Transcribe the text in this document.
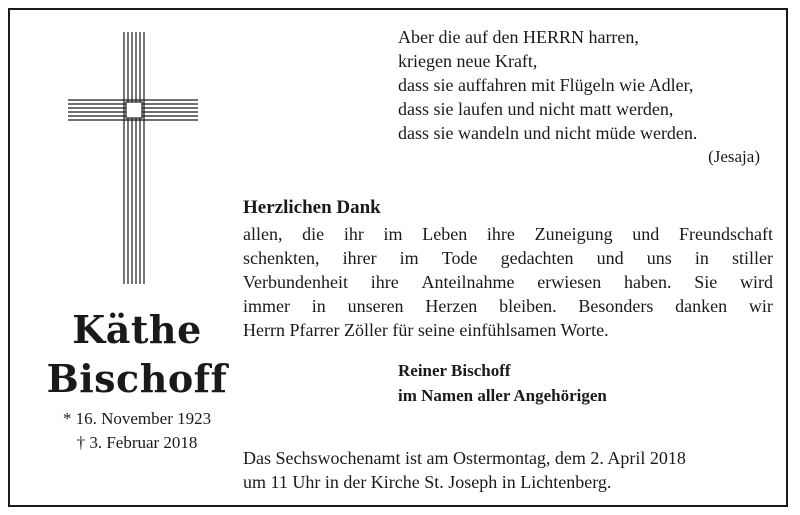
Käthe
Bischoff
* 16. November 1923
† 3. Februar 2018
Aber die auf den HERRN harren,
kriegen neue Kraft,
dass sie auffahren mit Flügeln wie Adler,
dass sie laufen und nicht matt werden,
dass sie wandeln und nicht müde werden.
(Jesaja)
Herzlichen Dank
allen, die ihr im Leben ihre Zuneigung und Freundschaft
schenkten, ihrer im Tode gedachten und uns in stiller
Verbundenheit ihre Anteilnahme erwiesen haben. Sie wird
immer in unseren Herzen bleiben. Besonders danken wir
Herrn Pfarrer Zöller für seine einfühlsamen Worte.
Reiner Bischoff
im Namen aller Angehörigen
Das Sechswochenamt ist am Ostermontag, dem 2. April 2018
um 11 Uhr in der Kirche St. Joseph in Lichtenberg.
